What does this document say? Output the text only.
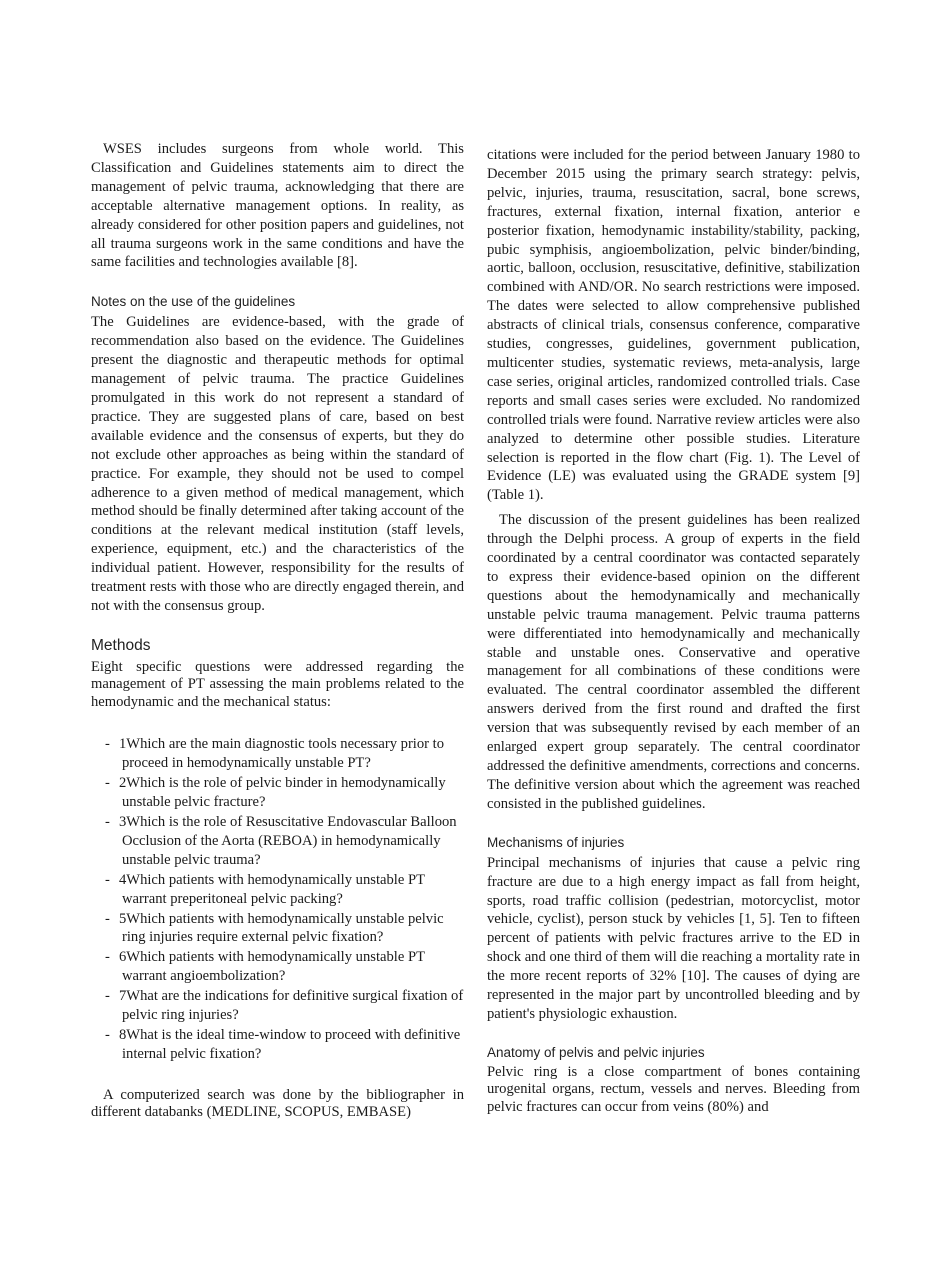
WSES includes surgeons from whole world. This Classification and Guidelines statements aim to direct the management of pelvic trauma, acknowledging that there are acceptable alternative management options. In reality, as already considered for other position papers and guidelines, not all trauma surgeons work in the same conditions and have the same facilities and technologies available [8].

Notes on the use of the guidelines

The Guidelines are evidence-based, with the grade of recommendation also based on the evidence. The Guidelines present the diagnostic and therapeutic methods for optimal management of pelvic trauma. The practice Guidelines promulgated in this work do not represent a standard of practice. They are suggested plans of care, based on best available evidence and the consensus of experts, but they do not exclude other approaches as being within the standard of practice. For example, they should not be used to compel adherence to a given method of medical management, which method should be finally determined after taking account of the conditions at the relevant medical institution (staff levels, experience, equipment, etc.) and the characteristics of the individual patient. However, responsibility for the results of treatment rests with those who are directly engaged therein, and not with the consensus group.

Methods

Eight specific questions were addressed regarding the management of PT assessing the main problems related to the hemodynamic and the mechanical status:

- 1Which are the main diagnostic tools necessary prior to proceed in hemodynamically unstable PT?
- 2Which is the role of pelvic binder in hemodynamically unstable pelvic fracture?
- 3Which is the role of Resuscitative Endovascular Balloon Occlusion of the Aorta (REBOA) in hemodynamically unstable pelvic trauma?
- 4Which patients with hemodynamically unstable PT warrant preperitoneal pelvic packing?
- 5Which patients with hemodynamically unstable pelvic ring injuries require external pelvic fixation?
- 6Which patients with hemodynamically unstable PT warrant angioembolization?
- 7What are the indications for definitive surgical fixation of pelvic ring injuries?
- 8What is the ideal time-window to proceed with definitive internal pelvic fixation?

A computerized search was done by the bibliographer in different databanks (MEDLINE, SCOPUS, EMBASE)

citations were included for the period between January 1980 to December 2015 using the primary search strategy: pelvis, pelvic, injuries, trauma, resuscitation, sacral, bone screws, fractures, external fixation, internal fixation, anterior e posterior fixation, hemodynamic instability/stability, packing, pubic symphisis, angioembolization, pelvic binder/binding, aortic, balloon, occlusion, resuscitative, definitive, stabilization combined with AND/OR. No search restrictions were imposed. The dates were selected to allow comprehensive published abstracts of clinical trials, consensus conference, comparative studies, congresses, guidelines, government publication, multicenter studies, systematic reviews, meta-analysis, large case series, original articles, randomized controlled trials. Case reports and small cases series were excluded. No randomized controlled trials were found. Narrative review articles were also analyzed to determine other possible studies. Literature selection is reported in the flow chart (Fig. 1). The Level of Evidence (LE) was evaluated using the GRADE system [9] (Table 1).

The discussion of the present guidelines has been realized through the Delphi process. A group of experts in the field coordinated by a central coordinator was contacted separately to express their evidence-based opinion on the different questions about the hemodynamically and mechanically unstable pelvic trauma management. Pelvic trauma patterns were differentiated into hemodynamically and mechanically stable and unstable ones. Conservative and operative management for all combinations of these conditions were evaluated. The central coordinator assembled the different answers derived from the first round and drafted the first version that was subsequently revised by each member of an enlarged expert group separately. The central coordinator addressed the definitive amendments, corrections and concerns. The definitive version about which the agreement was reached consisted in the published guidelines.

Mechanisms of injuries

Principal mechanisms of injuries that cause a pelvic ring fracture are due to a high energy impact as fall from height, sports, road traffic collision (pedestrian, motorcyclist, motor vehicle, cyclist), person stuck by vehicles [1, 5]. Ten to fifteen percent of patients with pelvic fractures arrive to the ED in shock and one third of them will die reaching a mortality rate in the more recent reports of 32% [10]. The causes of dying are represented in the major part by uncontrolled bleeding and by patient's physiologic exhaustion.

Anatomy of pelvis and pelvic injuries

Pelvic ring is a close compartment of bones containing urogenital organs, rectum, vessels and nerves. Bleeding from pelvic fractures can occur from veins (80%) and
